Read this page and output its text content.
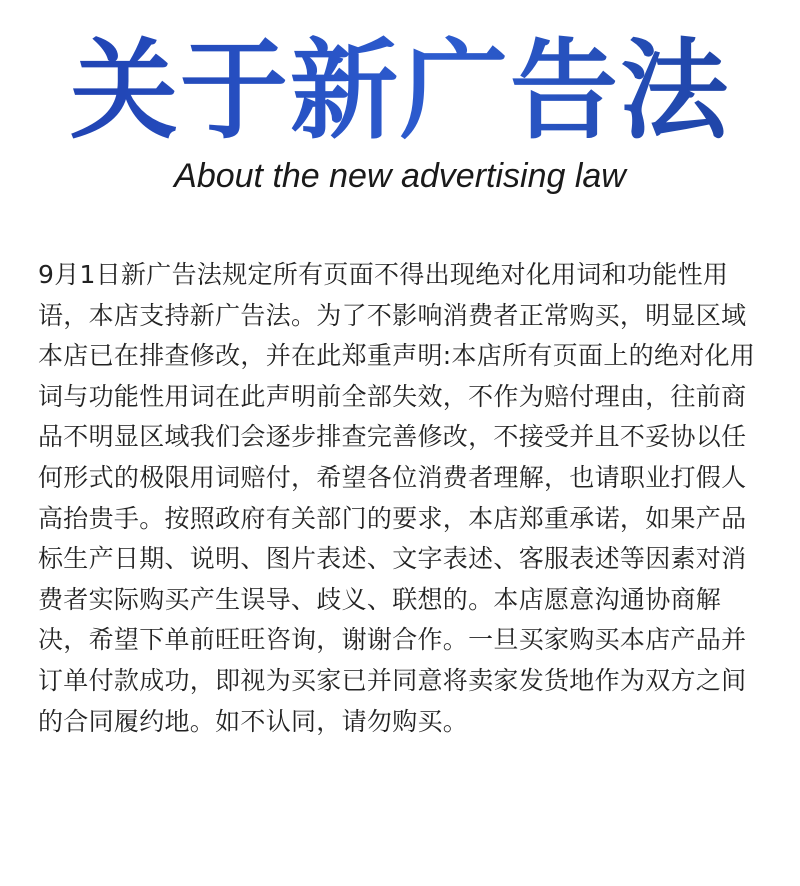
关于新广告法
About the new advertising law

9月1日新广告法规定所有页面不得出现绝对化用词和功能性用语，本店支持新广告法。为了不影响消费者正常购买，明显区域本店已在排查修改，并在此郑重声明:本店所有页面上的绝对化用词与功能性用词在此声明前全部失效，不作为赔付理由，往前商品不明显区域我们会逐步排查完善修改，不接受并且不妥协以任何形式的极限用词赔付，希望各位消费者理解，也请职业打假人高抬贵手。按照政府有关部门的要求，本店郑重承诺，如果产品标生产日期、说明、图片表述、文字表述、客服表述等因素对消费者实际购买产生误导、歧义、联想的。本店愿意沟通协商解决，希望下单前旺旺咨询，谢谢合作。一旦买家购买本店产品并订单付款成功，即视为买家已并同意将卖家发货地作为双方之间的合同履约地。如不认同，请勿购买。
